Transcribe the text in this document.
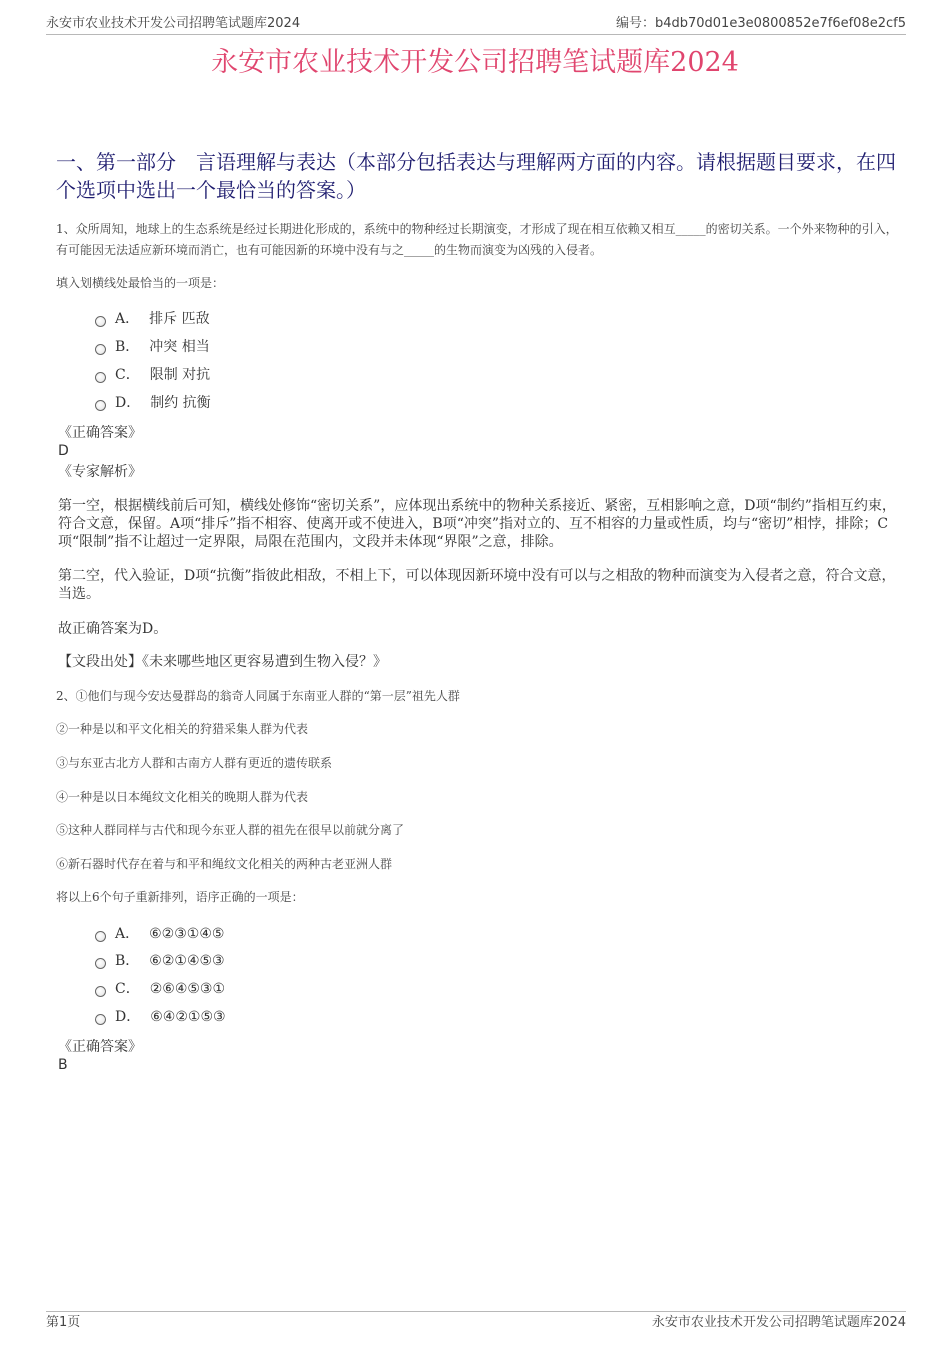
永安市农业技术开发公司招聘笔试题库2024	编号：b4db70d01e3e0800852e7f6ef08e2cf5
永安市农业技术开发公司招聘笔试题库2024
一、第一部分　言语理解与表达（本部分包括表达与理解两方面的内容。请根据题目要求，在四个选项中选出一个最恰当的答案。）
1、众所周知，地球上的生态系统是经过长期进化形成的，系统中的物种经过长期演变，才形成了现在相互依赖又相互_____的密切关系。一个外来物种的引入，有可能因无法适应新环境而消亡，也有可能因新的环境中没有与之_____的生物而演变为凶残的入侵者。
填入划横线处最恰当的一项是：
A． 排斥 匹敌
B． 冲突 相当
C． 限制 对抗
D． 制约 抗衡
《正确答案》
D
《专家解析》
第一空，根据横线前后可知，横线处修饰“密切关系”，应体现出系统中的物种关系接近、紧密，互相影响之意，D项“制约”指相互约束，符合文意，保留。A项“排斥”指不相容、使离开或不使进入，B项“冲突”指对立的、互不相容的力量或性质，均与“密切”相悖，排除；C项“限制”指不让超过一定界限，局限在范围内，文段并未体现“界限”之意，排除。
第二空，代入验证，D项“抗衡”指彼此相敌，不相上下，可以体现因新环境中没有可以与之相敌的物种而演变为入侵者之意，符合文意，当选。
故正确答案为D。
【文段出处】《未来哪些地区更容易遭到生物入侵？》
2、①他们与现今安达曼群岛的翁奇人同属于东南亚人群的“第一层”祖先人群
②一种是以和平文化相关的狩猎采集人群为代表
③与东亚古北方人群和古南方人群有更近的遗传联系
④一种是以日本绳纹文化相关的晚期人群为代表
⑤这种人群同样与古代和现今东亚人群的祖先在很早以前就分离了
⑥新石器时代存在着与和平和绳纹文化相关的两种古老亚洲人群
将以上6个句子重新排列，语序正确的一项是：
A． ⑥②③①④⑤
B． ⑥②①④⑤③
C． ②⑥④⑤③①
D． ⑥④②①⑤③
《正确答案》
B
第1页	永安市农业技术开发公司招聘笔试题库2024
